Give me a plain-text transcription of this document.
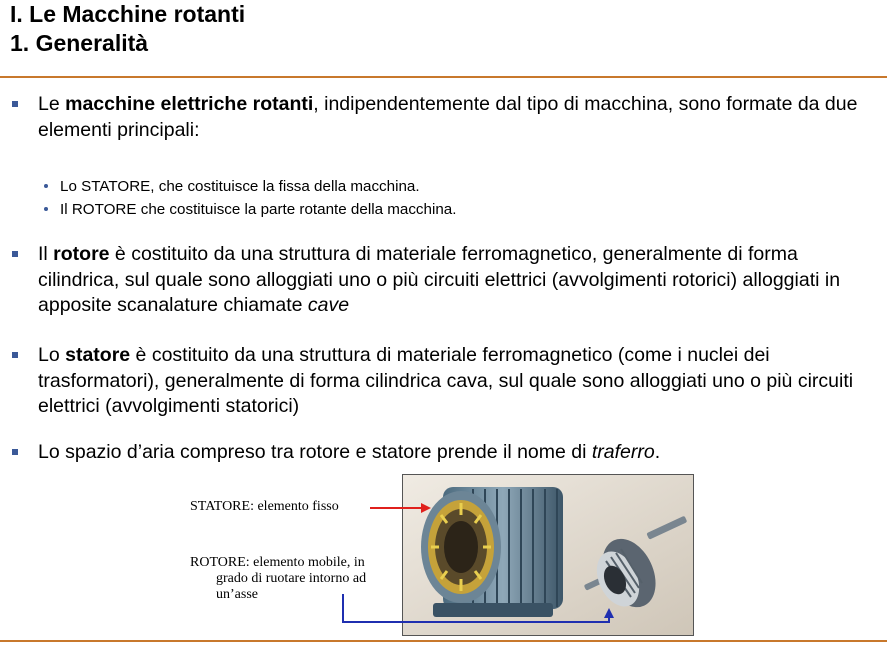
I. Le Macchine rotanti
1. Generalità
Le macchine elettriche rotanti, indipendentemente dal tipo di macchina, sono formate da due elementi principali:
Lo STATORE, che costituisce la fissa della macchina.
Il ROTORE che costituisce la parte rotante della macchina.
Il rotore è costituito da una struttura di materiale ferromagnetico, generalmente di forma cilindrica, sul quale sono alloggiati uno o più circuiti elettrici (avvolgimenti rotorici) alloggiati in apposite scanalature chiamate cave
Lo statore è costituito da una struttura di materiale ferromagnetico (come i nuclei dei trasformatori), generalmente di forma cilindrica cava, sul quale sono alloggiati uno o più circuiti elettrici (avvolgimenti statorici)
Lo spazio d’aria compreso tra rotore e statore prende il nome di traferro.
STATORE: elemento fisso
ROTORE: elemento mobile, in
grado di ruotare intorno ad
un’asse
